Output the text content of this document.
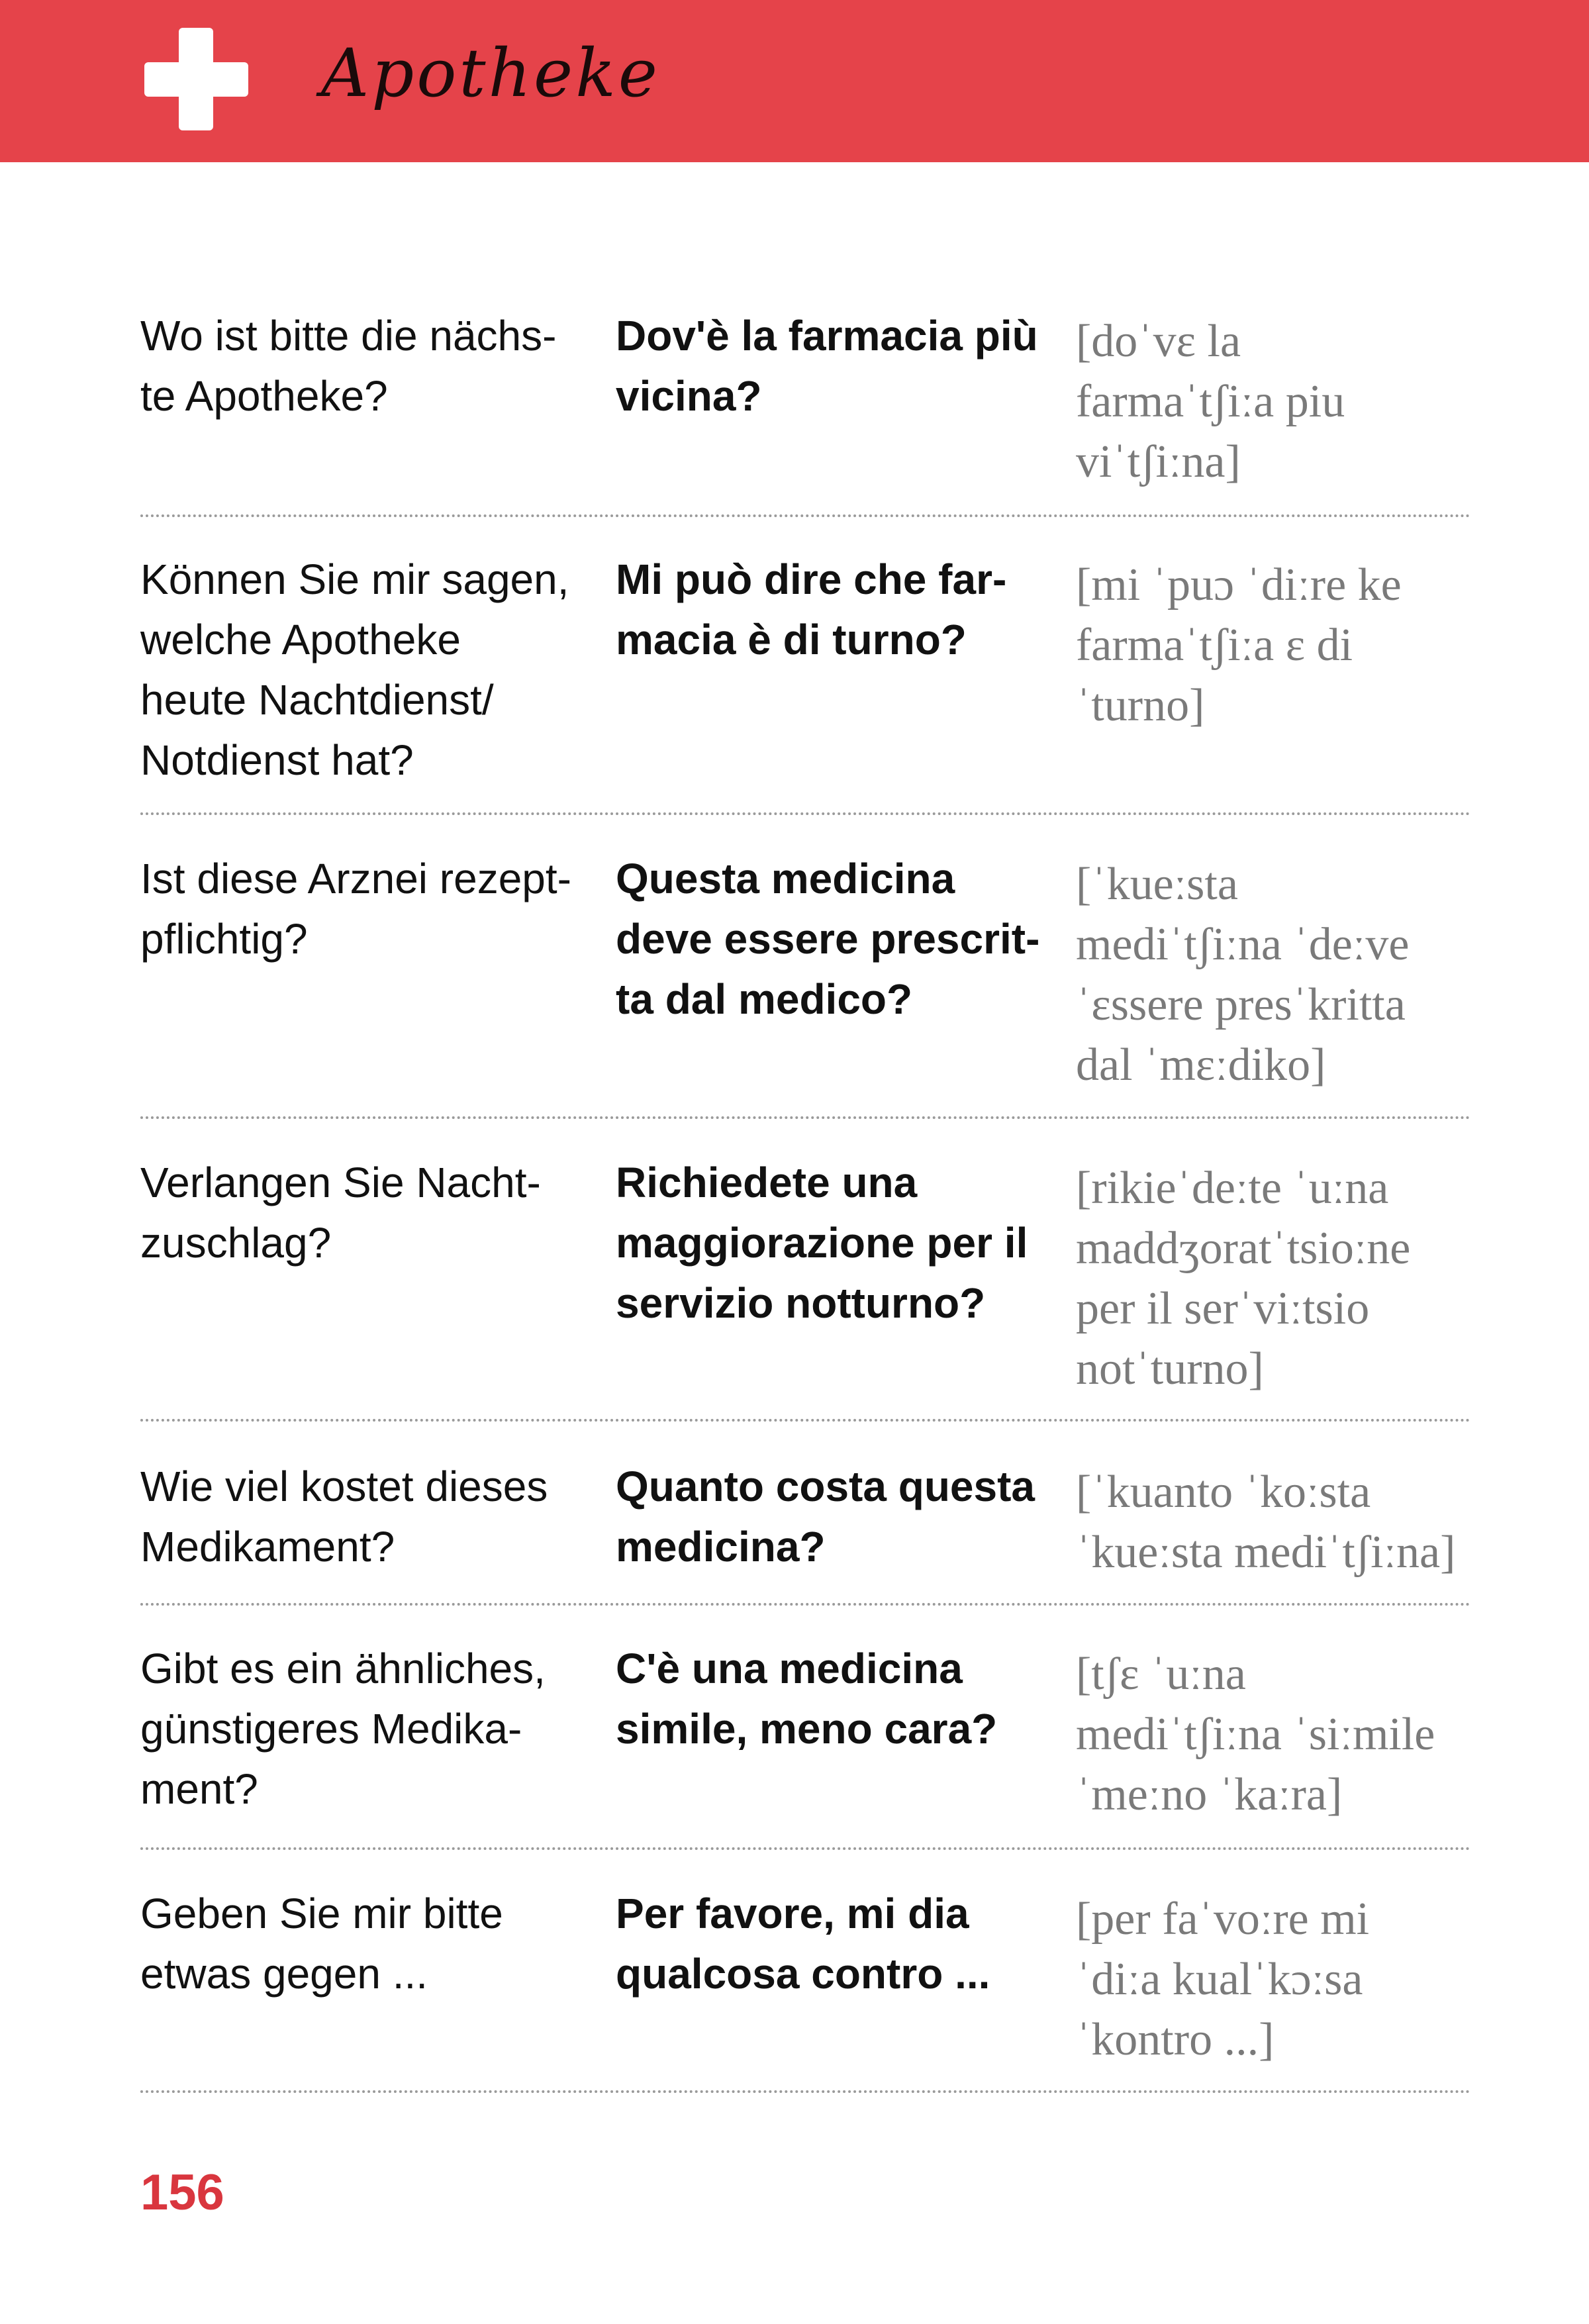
Apotheke
Wo ist bitte die nächs-
te Apotheke?
Dov'è la farmacia più
vicina?
[doˈvɛ la
farmaˈtʃiːa piu
viˈtʃiːna]
Können Sie mir sagen,
welche Apotheke
heute Nachtdienst/
Notdienst hat?
Mi può dire che far-
macia è di turno?
[mi ˈpuɔ ˈdiːre ke
farmaˈtʃiːa ɛ di
ˈturno]
Ist diese Arznei rezept-
pflichtig?
Questa medicina
deve essere prescrit-
ta dal medico?
[ˈkueːsta
mediˈtʃiːna ˈdeːve
ˈɛssere presˈkritta
dal ˈmɛːdiko]
Verlangen Sie Nacht-
zuschlag?
Richiedete una
maggiorazione per il
servizio notturno?
[rikieˈdeːte ˈuːna
maddʒoratˈtsioːne
per il serˈviːtsio
notˈturno]
Wie viel kostet dieses
Medikament?
Quanto costa questa
medicina?
[ˈkuanto ˈkoːsta
ˈkueːsta mediˈtʃiːna]
Gibt es ein ähnliches,
günstigeres Medika-
ment?
C'è una medicina
simile, meno cara?
[tʃɛ ˈuːna
mediˈtʃiːna ˈsiːmile
ˈmeːno ˈkaːra]
Geben Sie mir bitte
etwas gegen ...
Per favore, mi dia
qualcosa contro ...
[per faˈvoːre mi
ˈdiːa kualˈkɔːsa
ˈkontro ...]
156
